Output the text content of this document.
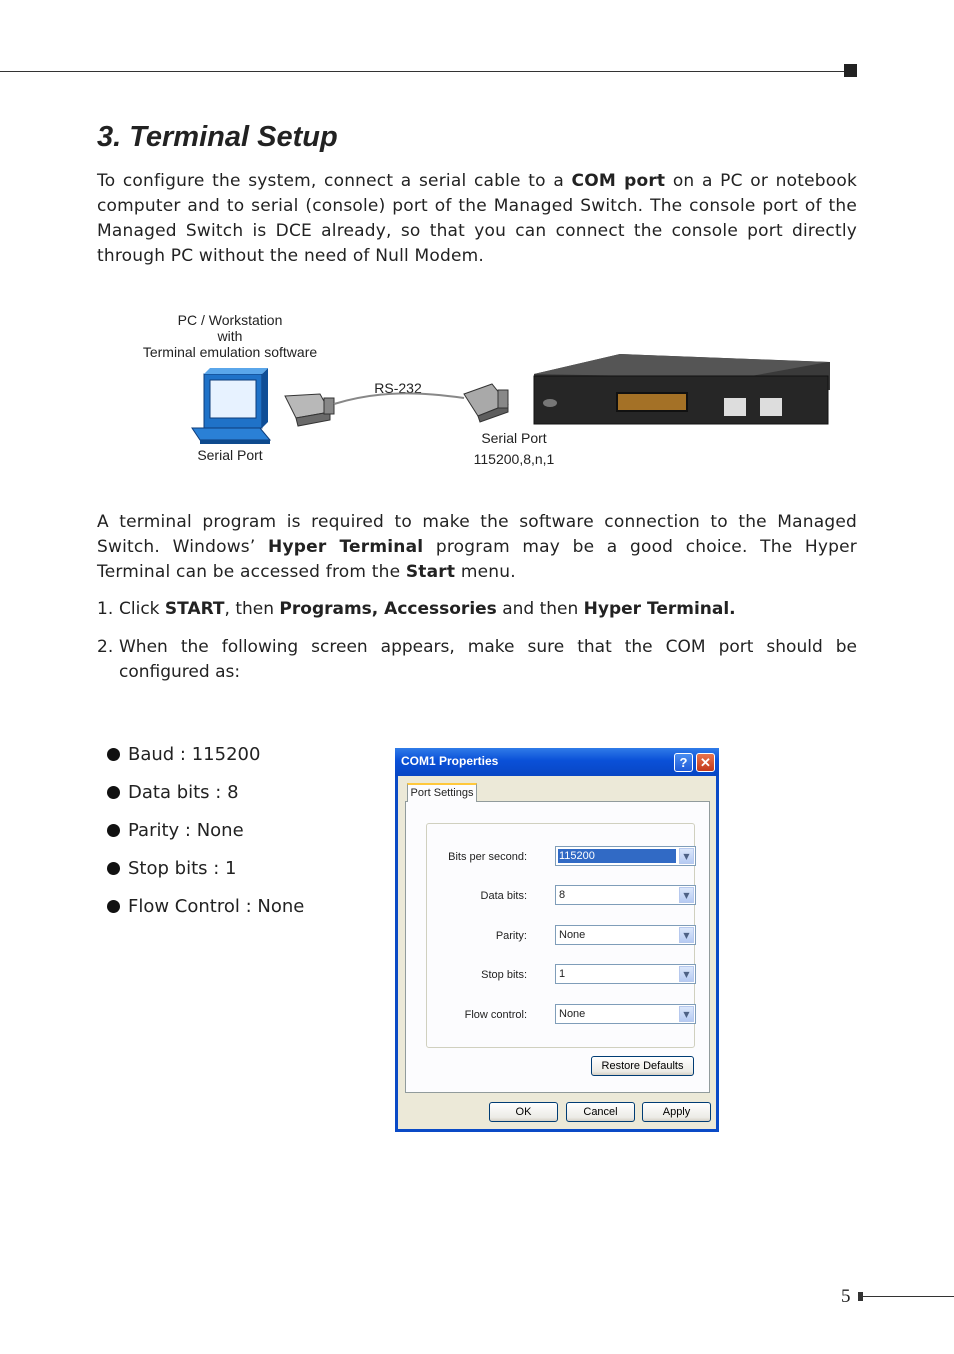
3. Terminal Setup

To configure the system, connect a serial cable to a COM port on a PC or notebook computer and to serial (console) port of the Managed Switch. The console port of the Managed Switch is DCE already, so that you can connect the console port directly through PC without the need of Null Modem.

PC / Workstation
with
Terminal emulation software
Serial Port
RS-232
Serial Port
115200,8,n,1

A terminal program is required to make the software connection to the Managed Switch. Windows’ Hyper Terminal program may be a good choice. The Hyper Terminal can be accessed from the Start menu.

1. Click START, then Programs, Accessories and then Hyper Terminal.
2. When the following screen appears, make sure that the COM port should be configured as:
Baud : 115200
Data bits : 8
Parity : None
Stop bits : 1
Flow Control : None
COM1 Properties	? ✕
Bits per second:	115200	▼
Data bits:	8	▼
Parity:	None	▼
Stop bits:	1	▼
Flow control:	None	▼
Restore Defaults
Port Settings
OK	Cancel	Apply
5
